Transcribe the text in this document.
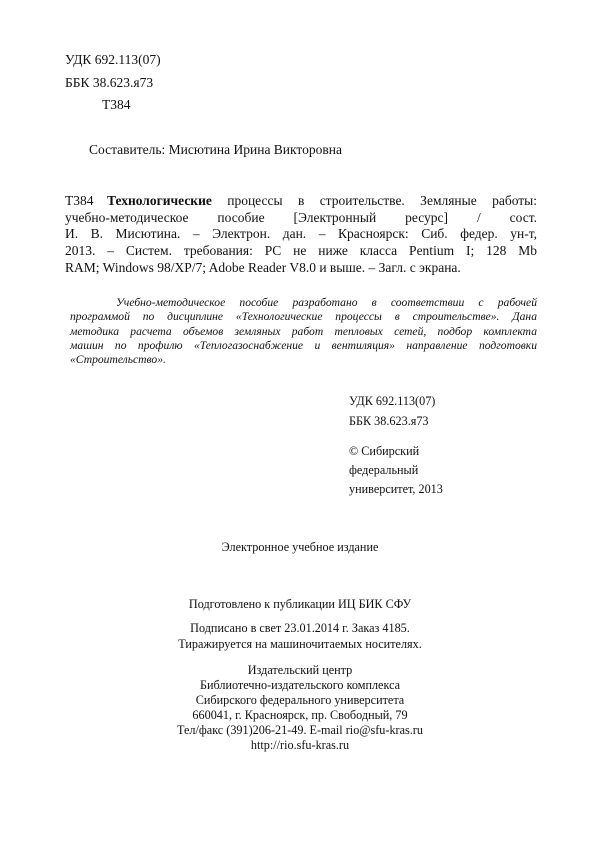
УДК 692.113(07)
ББК 38.623.я73
Т384
Составитель: Мисютина Ирина Викторовна
Т384	Технологические процессы в строительстве. Земляные работы:
учебно-методическое пособие [Электронный ресурс] / сост.
И. В. Мисютина. – Электрон. дан. – Красноярск: Сиб. федер. ун-т,
2013. – Систем. требования: PC не ниже класса Pentium I; 128 Mb
RAM; Windows 98/XP/7; Adobe Reader V8.0 и выше. – Загл. с экрана.
Учебно-методическое пособие разработано в соответствии с рабочей
программой по дисциплине «Технологические процессы в строительстве». Дана
методика расчета объемов земляных работ тепловых сетей, подбор комплекта
машин по профилю «Теплогазоснабжение и вентиляция» направление подготовки
«Строительство».
УДК 692.113(07)
ББК 38.623.я73
© Сибирский
федеральный
университет, 2013
Электронное учебное издание
Подготовлено к публикации ИЦ БИК СФУ
Подписано в свет 23.01.2014 г. Заказ 4185.
Тиражируется на машиночитаемых носителях.
Издательский центр
Библиотечно-издательского комплекса
Сибирского федерального университета
660041, г. Красноярск, пр. Свободный, 79
Тел/факс (391)206-21-49. E-mail rio@sfu-kras.ru
http://rio.sfu-kras.ru
